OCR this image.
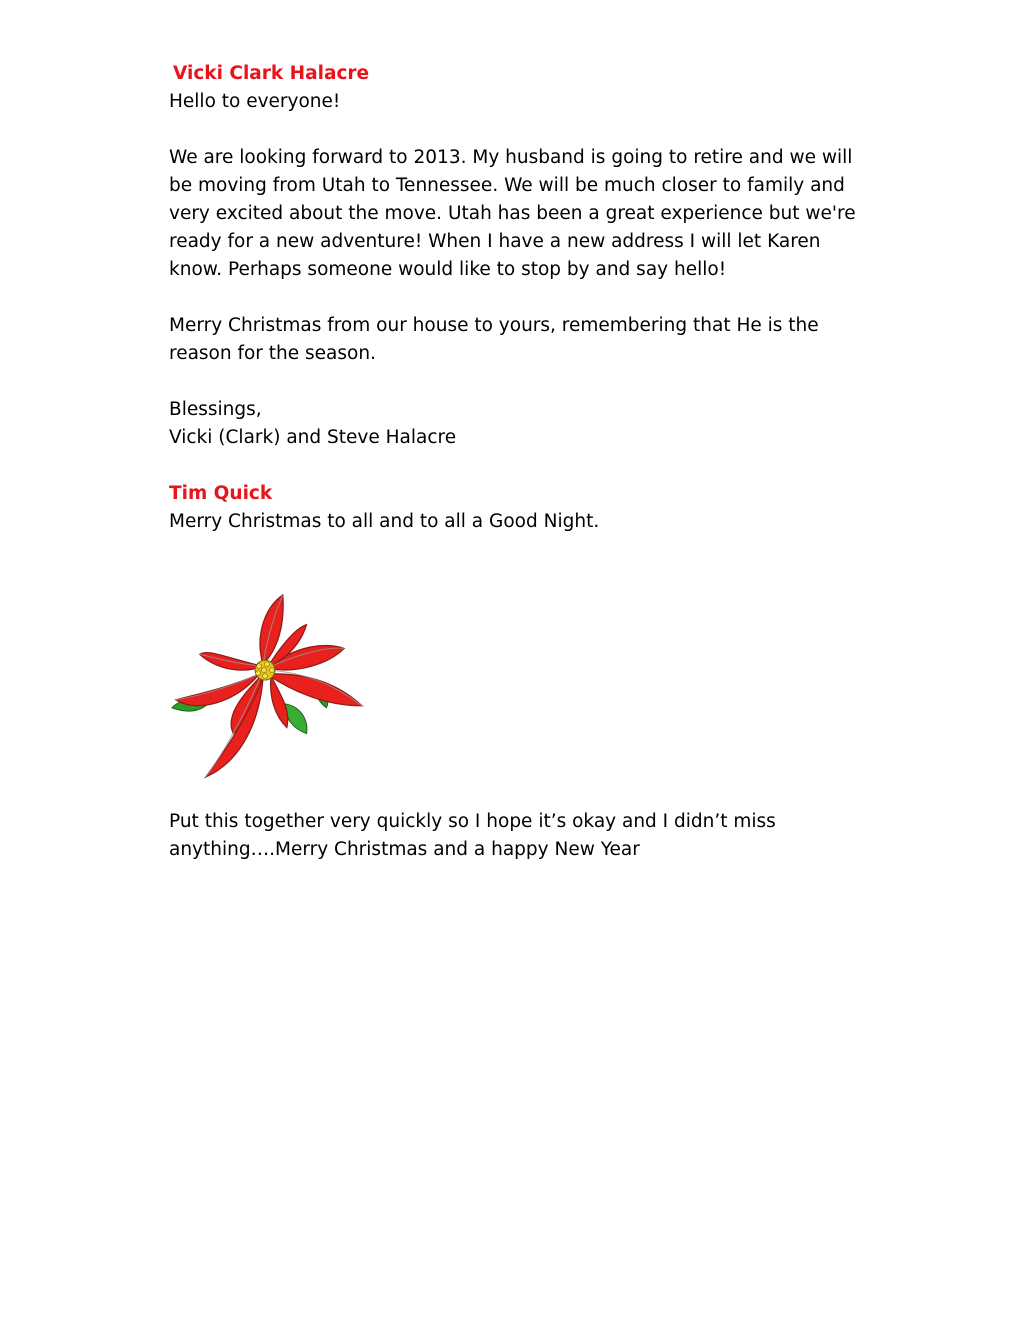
Vicki Clark Halacre

Hello to everyone!

We are looking forward to 2013. My husband is going to retire and we will

be moving from Utah to Tennessee. We will be much closer to family and

very excited about the move. Utah has been a great experience but we're

ready for a new adventure! When I have a new address I will let Karen

know. Perhaps someone would like to stop by and say hello!

Merry Christmas from our house to yours, remembering that He is the

reason for the season.

Blessings,

Vicki (Clark) and Steve Halacre

Tim Quick

Merry Christmas to all and to all a Good Night.

Put this together very quickly so I hope it’s okay and I didn’t miss

anything….Merry Christmas and a happy New Year
